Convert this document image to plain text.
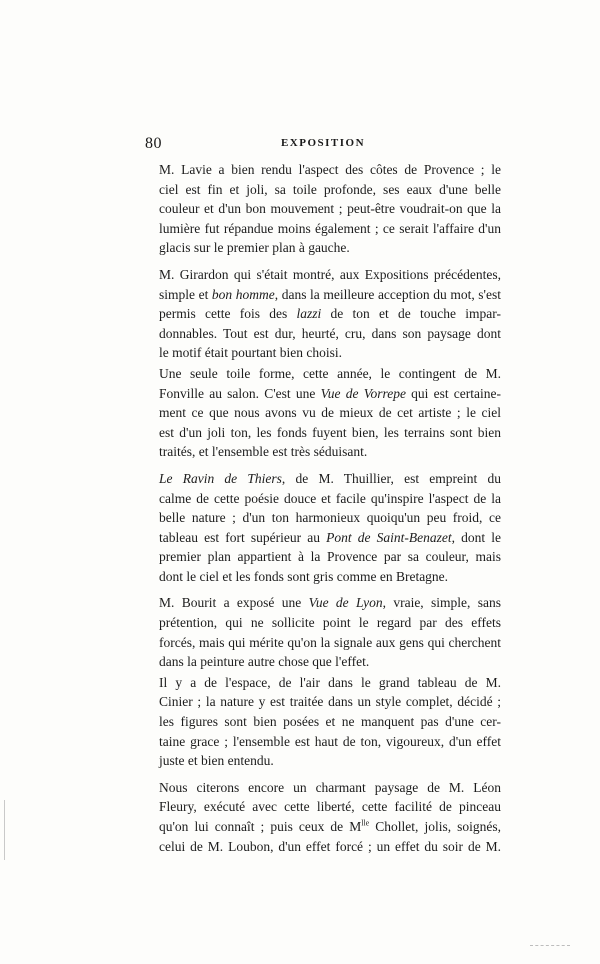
80	EXPOSITION
M. Lavie a bien rendu l'aspect des côtes de Provence ; le
ciel est fin et joli, sa toile profonde, ses eaux d'une belle
couleur et d'un bon mouvement ; peut-être voudrait-on que la
lumière fut répandue moins également ; ce serait l'affaire d'un
glacis sur le premier plan à gauche.
M. Girardon qui s'était montré, aux Expositions précédentes,
simple et bon homme, dans la meilleure acception du mot, s'est
permis cette fois des lazzi de ton et de touche impar-
donnables. Tout est dur, heurté, cru, dans son paysage dont
le motif était pourtant bien choisi.
Une seule toile forme, cette année, le contingent de M.
Fonville au salon. C'est une Vue de Vorrepe qui est certaine-
ment ce que nous avons vu de mieux de cet artiste ; le ciel
est d'un joli ton, les fonds fuyent bien, les terrains sont bien
traités, et l'ensemble est très séduisant.
Le Ravin de Thiers, de M. Thuillier, est empreint du
calme de cette poésie douce et facile qu'inspire l'aspect de la
belle nature ; d'un ton harmonieux quoiqu'un peu froid, ce
tableau est fort supérieur au Pont de Saint-Benazet, dont le
premier plan appartient à la Provence par sa couleur, mais
dont le ciel et les fonds sont gris comme en Bretagne.
M. Bourit a exposé une Vue de Lyon, vraie, simple, sans
prétention, qui ne sollicite point le regard par des effets
forcés, mais qui mérite qu'on la signale aux gens qui cherchent
dans la peinture autre chose que l'effet.
Il y a de l'espace, de l'air dans le grand tableau de M.
Cinier ; la nature y est traitée dans un style complet, décidé ;
les figures sont bien posées et ne manquent pas d'une cer-
taine grace ; l'ensemble est haut de ton, vigoureux, d'un effet
juste et bien entendu.
Nous citerons encore un charmant paysage de M. Léon
Fleury, exécuté avec cette liberté, cette facilité de pinceau
qu'on lui connaît ; puis ceux de $M^{lle}$ Chollet, jolis, soignés,
celui de M. Loubon, d'un effet forcé ; un effet du soir de M.
